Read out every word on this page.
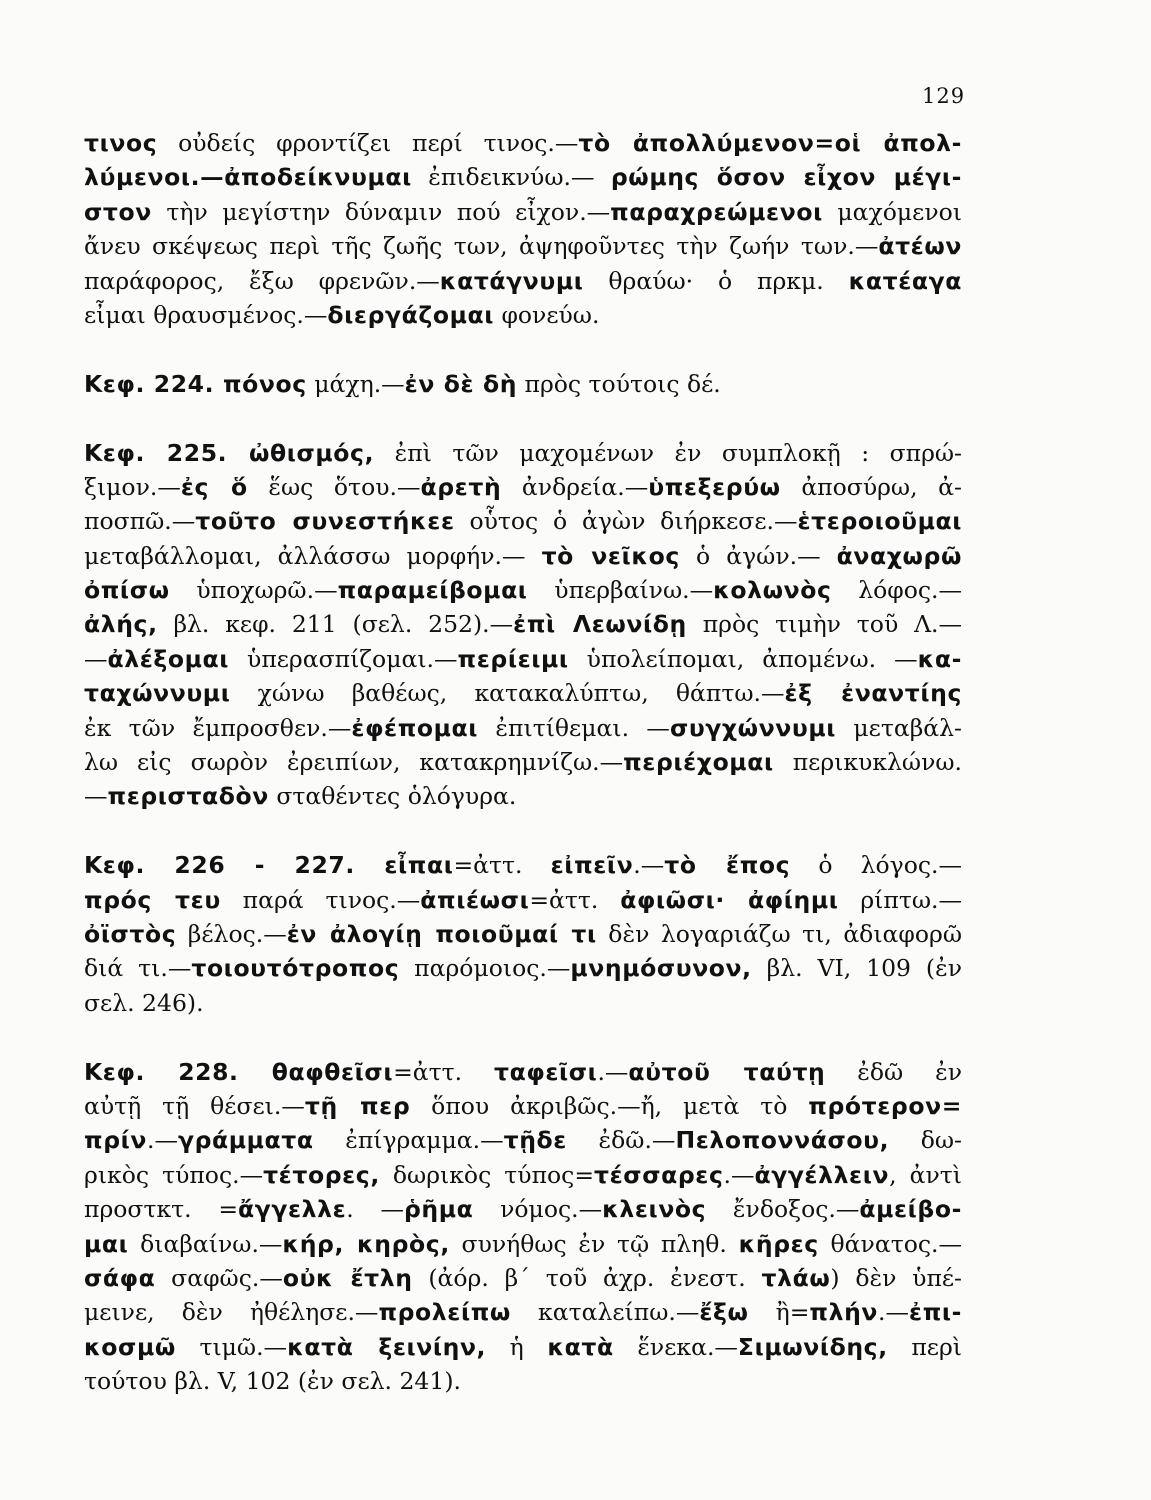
129
τινος οὐδείς φροντίζει περί τινος.—τὸ ἀπολλύμενον=οἱ ἀπολ-
λύμενοι.—ἀποδείκνυμαι ἐπιδεικνύω.— ρώμης ὅσον εἶχον μέγι-
στον τὴν μεγίστην δύναμιν πού εἶχον.—παραχρεώμενοι μαχόμενοι
ἄνευ σκέψεως περὶ τῆς ζωῆς των, ἀψηφοῦντες τὴν ζωήν των.—ἀτέων
παράφορος, ἔξω φρενῶν.—κατάγνυμι θραύω· ὁ πρκμ. κατέαγα
εἶμαι θραυσμένος.—διεργάζομαι φονεύω.
Κεφ. 224. πόνος μάχη.—ἐν δὲ δὴ πρὸς τούτοις δέ.
Κεφ. 225. ὠθισμός, ἐπὶ τῶν μαχομένων ἐν συμπλοκῇ : σπρώ-
ξιμον.—ἐς ὅ ἕως ὅτου.—ἀρετὴ ἀνδρεία.—ὑπεξερύω ἀποσύρω, ἀ-
ποσπῶ.—τοῦτο συνεστήκεε οὗτος ὁ ἀγὼν διήρκεσε.—ἑτεροιοῦμαι
μεταβάλλομαι, ἀλλάσσω μορφήν.— τὸ νεῖκος ὁ ἀγών.— ἀναχωρῶ
ὀπίσω ὑποχωρῶ.—παραμείβομαι ὑπερβαίνω.—κολωνὸς λόφος.—
ἀλής, βλ. κεφ. 211 (σελ. 252).—ἐπὶ Λεωνίδῃ πρὸς τιμὴν τοῦ Λ.—
—ἀλέξομαι ὑπερασπίζομαι.—περίειμι ὑπολείπομαι, ἀπομένω. —κα-
ταχώννυμι χώνω βαθέως, κατακαλύπτω, θάπτω.—ἐξ ἐναντίης
ἐκ τῶν ἔμπροσθεν.—ἐφέπομαι ἐπιτίθεμαι. —συγχώννυμι μεταβάλ-
λω εἰς σωρὸν ἐρειπίων, κατακρημνίζω.—περιέχομαι περικυκλώνω.
—περισταδὸν σταθέντες ὁλόγυρα.
Κεφ. 226 - 227. εἶπαι=ἀττ. εἰπεῖν.—τὸ ἔπος ὁ λόγος.—
πρός τευ παρά τινος.—ἀπιέωσι=ἀττ. ἀφιῶσι· ἀφίημι ρίπτω.—
ὀϊστὸς βέλος.—ἐν ἀλογίῃ ποιοῦμαί τι δὲν λογαριάζω τι, ἀδιαφορῶ
διά τι.—τοιουτότροπος παρόμοιος.—μνημόσυνον, βλ. VI, 109 (ἐν
σελ. 246).
Κεφ. 228. θαφθεῖσι=ἀττ. ταφεῖσι.—αὐτοῦ ταύτῃ ἐδῶ ἐν
αὐτῇ τῇ θέσει.—τῇ περ ὅπου ἀκριβῶς.—ἤ, μετὰ τὸ πρότερον=
πρίν.—γράμματα ἐπίγραμμα.—τῇδε ἐδῶ.—Πελοποννάσου, δω-
ρικὸς τύπος.—τέτορες, δωρικὸς τύπος=τέσσαρες.—ἀγγέλλειν, ἀντὶ
προστκτ. =ἄγγελλε. —ῥῆμα νόμος.—κλεινὸς ἔνδοξος.—ἀμείβο-
μαι διαβαίνω.—κήρ, κηρὸς, συνήθως ἐν τῷ πληθ. κῆρες θάνατος.—
σάφα σαφῶς.—οὐκ ἔτλη (ἀόρ. β΄ τοῦ ἀχρ. ἐνεστ. τλάω) δὲν ὑπέ-
μεινε, δὲν ἠθέλησε.—προλείπω καταλείπω.—ἔξω ἢ=πλήν.—ἐπι-
κοσμῶ τιμῶ.—κατὰ ξεινίην, ἡ κατὰ ἕνεκα.—Σιμωνίδης, περὶ
τούτου βλ. V, 102 (ἐν σελ. 241).
